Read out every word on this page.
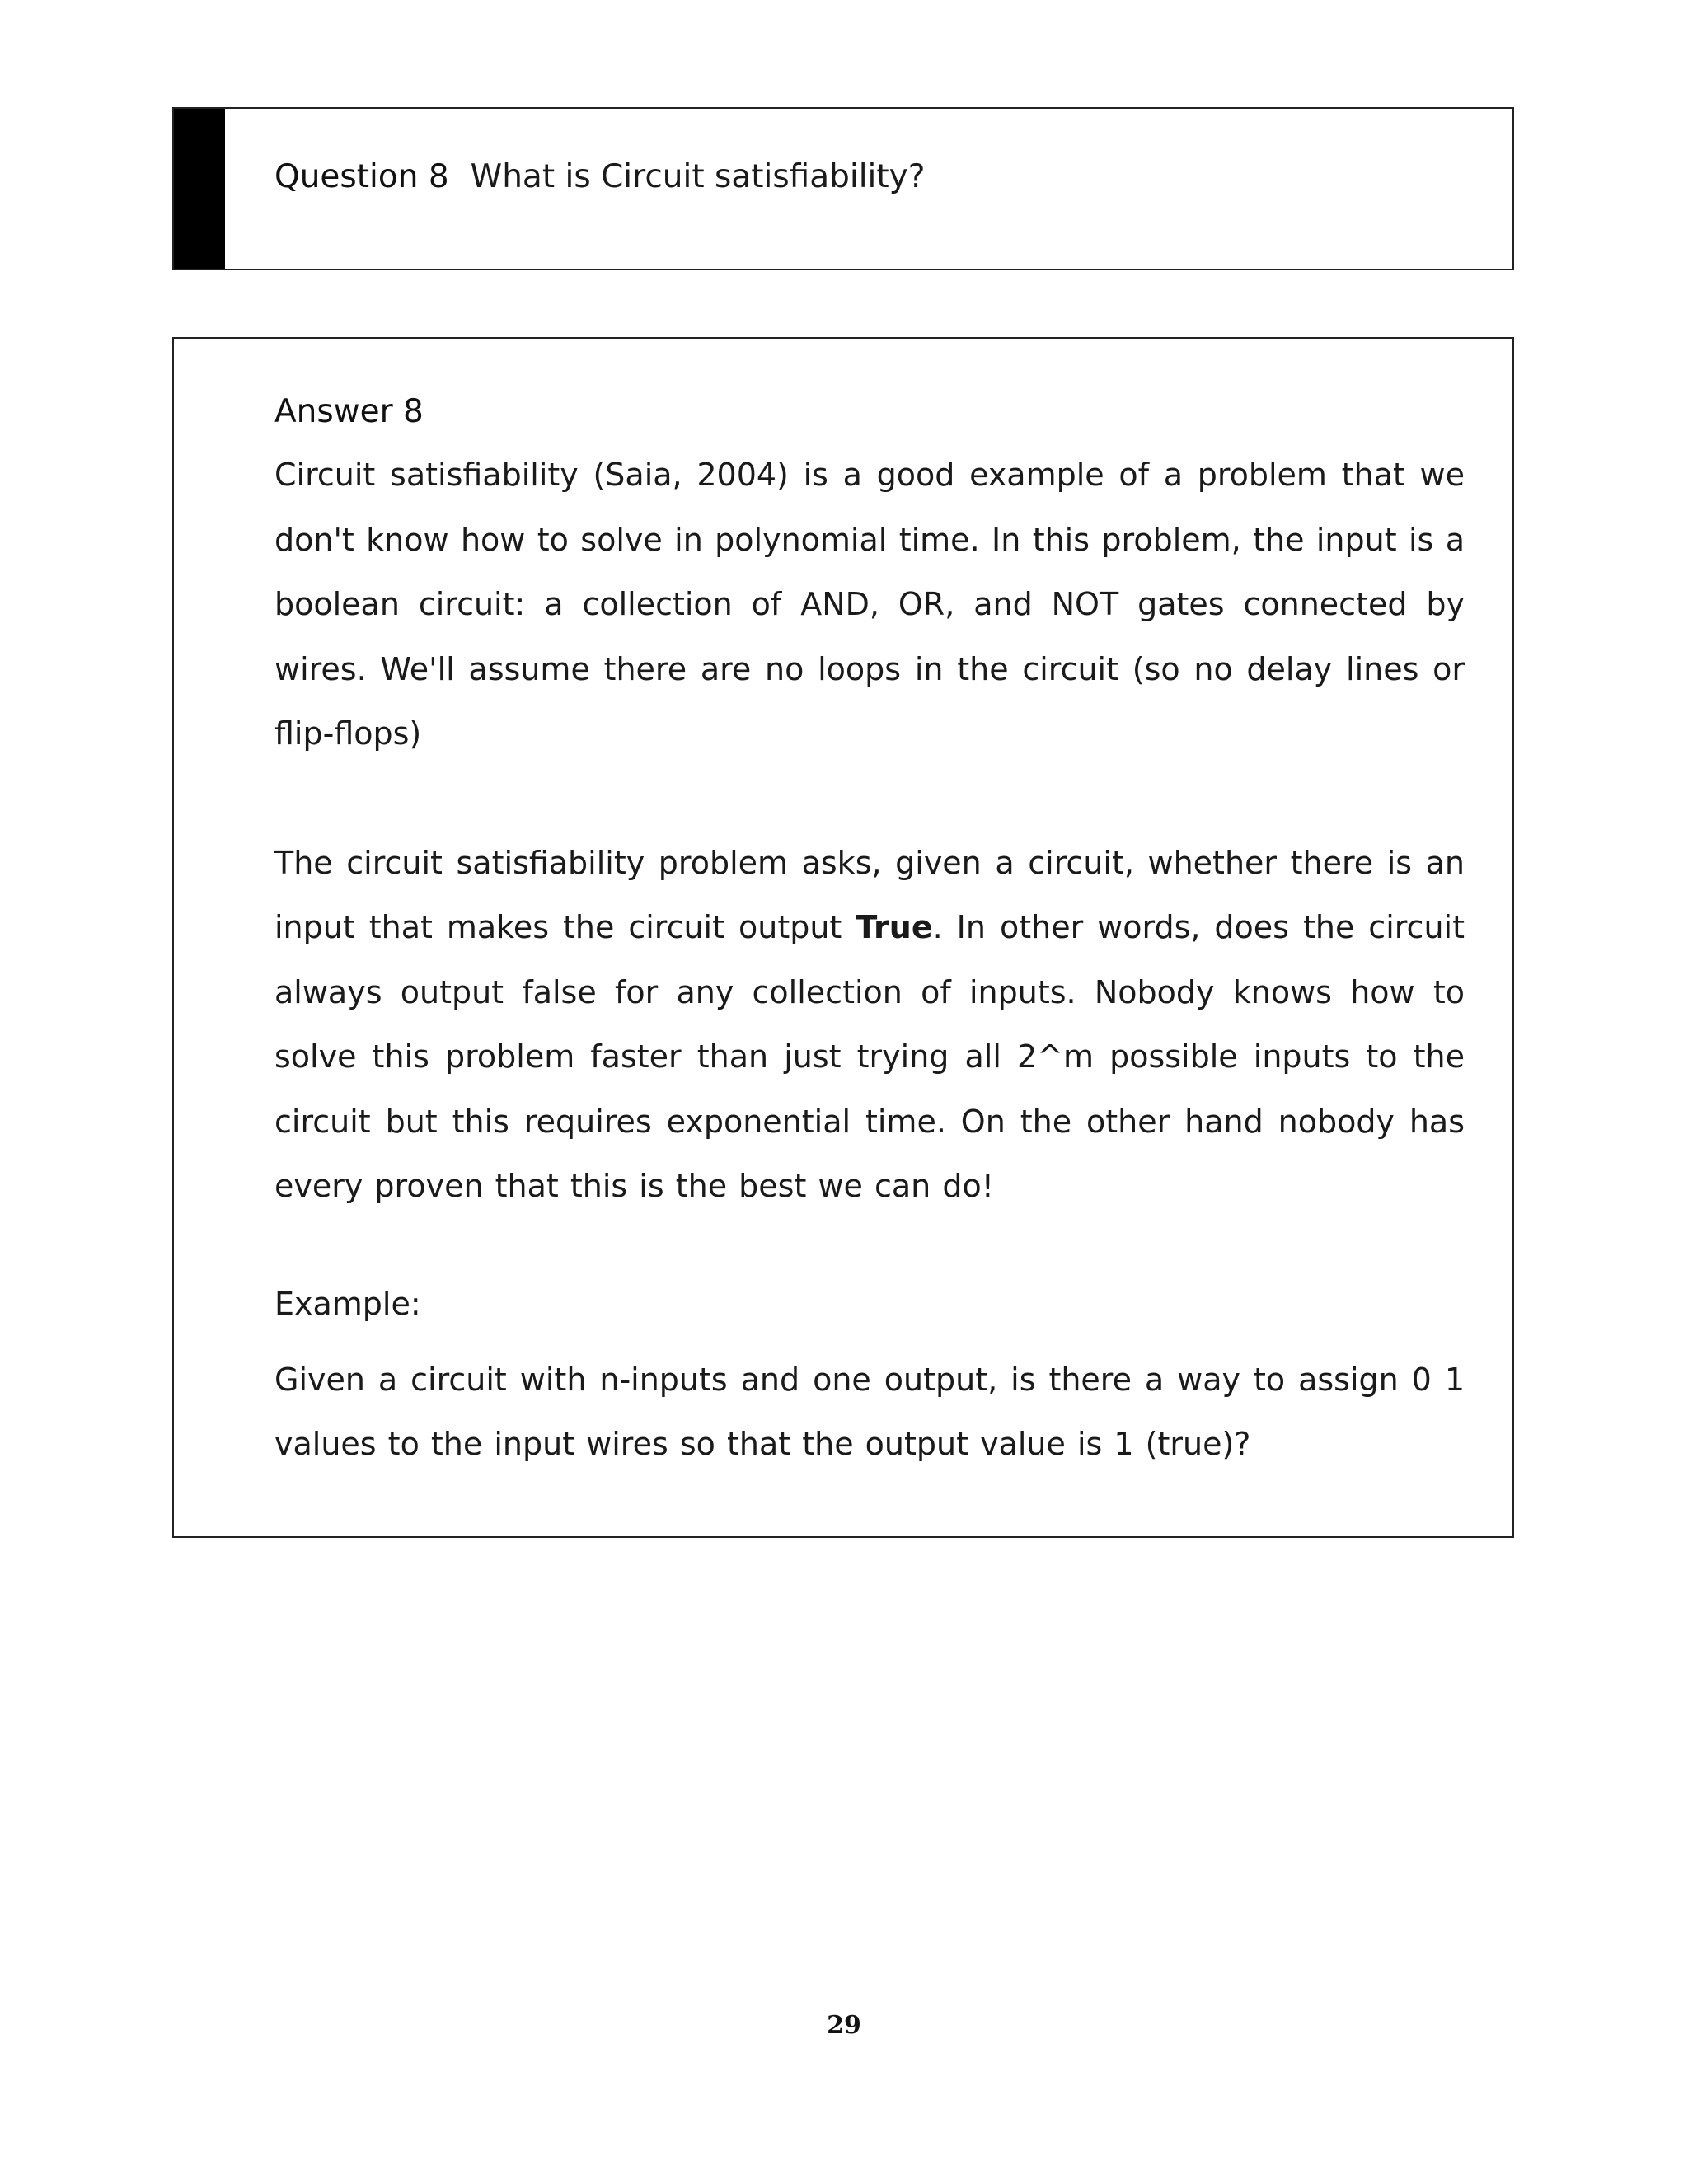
Question 8 What is Circuit satisfiability?
Answer 8

Circuit satisfiability (Saia, 2004) is a good example of a problem that we don't know how to solve in polynomial time. In this problem, the input is a boolean circuit: a collection of AND, OR, and NOT gates connected by wires. We'll assume there are no loops in the circuit (so no delay lines or flip-flops)

The circuit satisfiability problem asks, given a circuit, whether there is an input that makes the circuit output True. In other words, does the circuit always output false for any collection of inputs. Nobody knows how to solve this problem faster than just trying all 2^m possible inputs to the circuit but this requires exponential time. On the other hand nobody has every proven that this is the best we can do!

Example:

Given a circuit with n-inputs and one output, is there a way to assign 0 1 values to the input wires so that the output value is 1 (true)?

29
